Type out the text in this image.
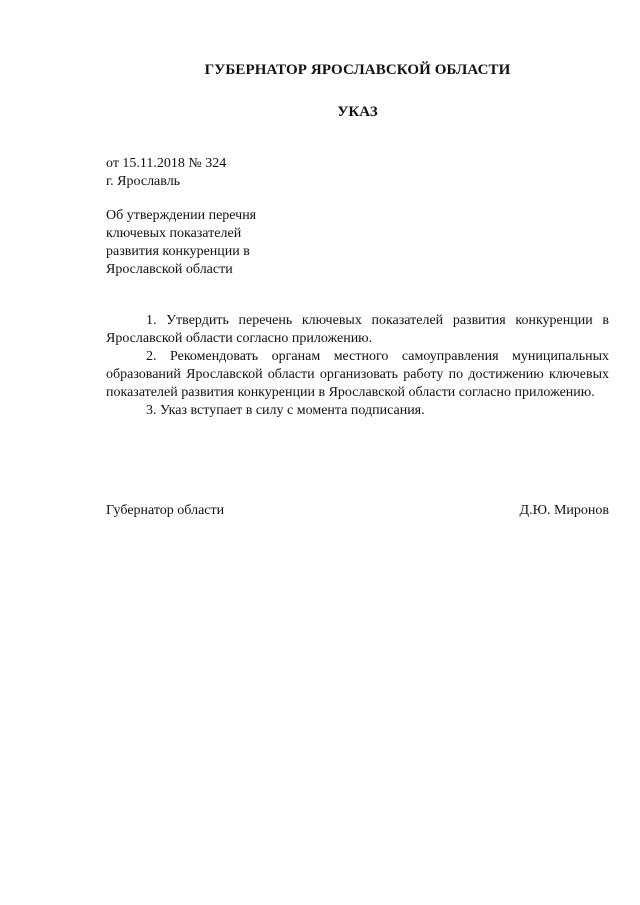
ГУБЕРНАТОР ЯРОСЛАВСКОЙ ОБЛАСТИ
УКАЗ
от 15.11.2018 № 324
г. Ярославль
Об утверждении перечня
ключевых показателей
развития конкуренции в
Ярославской области

1. Утвердить перечень ключевых показателей развития конкуренции в Ярославской области согласно приложению.

2. Рекомендовать органам местного самоуправления муниципальных образований Ярославской области организовать работу по достижению ключевых показателей развития конкуренции в Ярославской области согласно приложению.

3. Указ вступает в силу с момента подписания.

Губернатор области	Д.Ю. Миронов
